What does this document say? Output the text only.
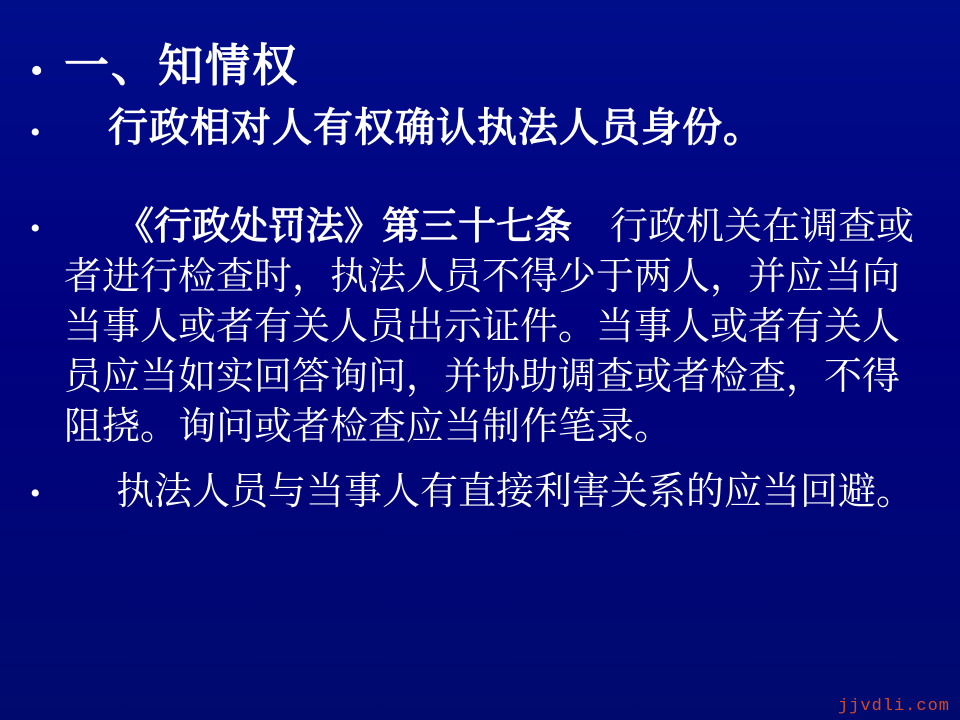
• 一、知情权
•	行政相对人有权确认执法人员身份。
•	《行政处罚法》第三十七条　行政机关在调查或者进行检查时，执法人员不得少于两人，并应当向当事人或者有关人员出示证件。当事人或者有关人员应当如实回答询问，并协助调查或者检查，不得阻挠。询问或者检查应当制作笔录。
•	执法人员与当事人有直接利害关系的应当回避。
jjvdli.com
